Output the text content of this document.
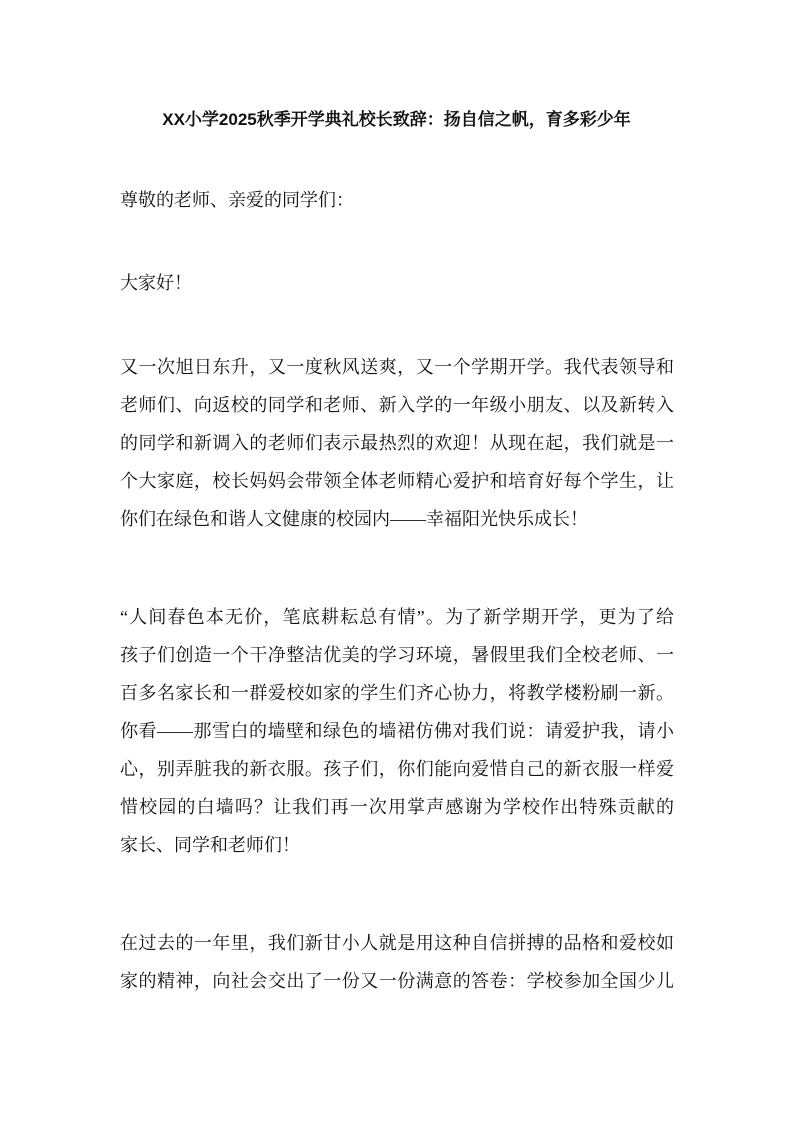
XX小学2025秋季开学典礼校长致辞：扬自信之帆，育多彩少年
尊敬的老师、亲爱的同学们：
大家好！
又一次旭日东升，又一度秋风送爽，又一个学期开学。我代表领导和
老师们、向返校的同学和老师、新入学的一年级小朋友、以及新转入
的同学和新调入的老师们表示最热烈的欢迎！从现在起，我们就是一
个大家庭，校长妈妈会带领全体老师精心爱护和培育好每个学生，让
你们在绿色和谐人文健康的校园内——幸福阳光快乐成长！
“人间春色本无价，笔底耕耘总有情”。为了新学期开学，更为了给
孩子们创造一个干净整洁优美的学习环境，暑假里我们全校老师、一
百多名家长和一群爱校如家的学生们齐心协力，将教学楼粉刷一新。
你看——那雪白的墙壁和绿色的墙裙仿佛对我们说：请爱护我，请小
心，别弄脏我的新衣服。孩子们，你们能向爱惜自己的新衣服一样爱
惜校园的白墙吗？让我们再一次用掌声感谢为学校作出特殊贡献的
家长、同学和老师们！
在过去的一年里，我们新甘小人就是用这种自信拼搏的品格和爱校如
家的精神，向社会交出了一份又一份满意的答卷：学校参加全国少儿
